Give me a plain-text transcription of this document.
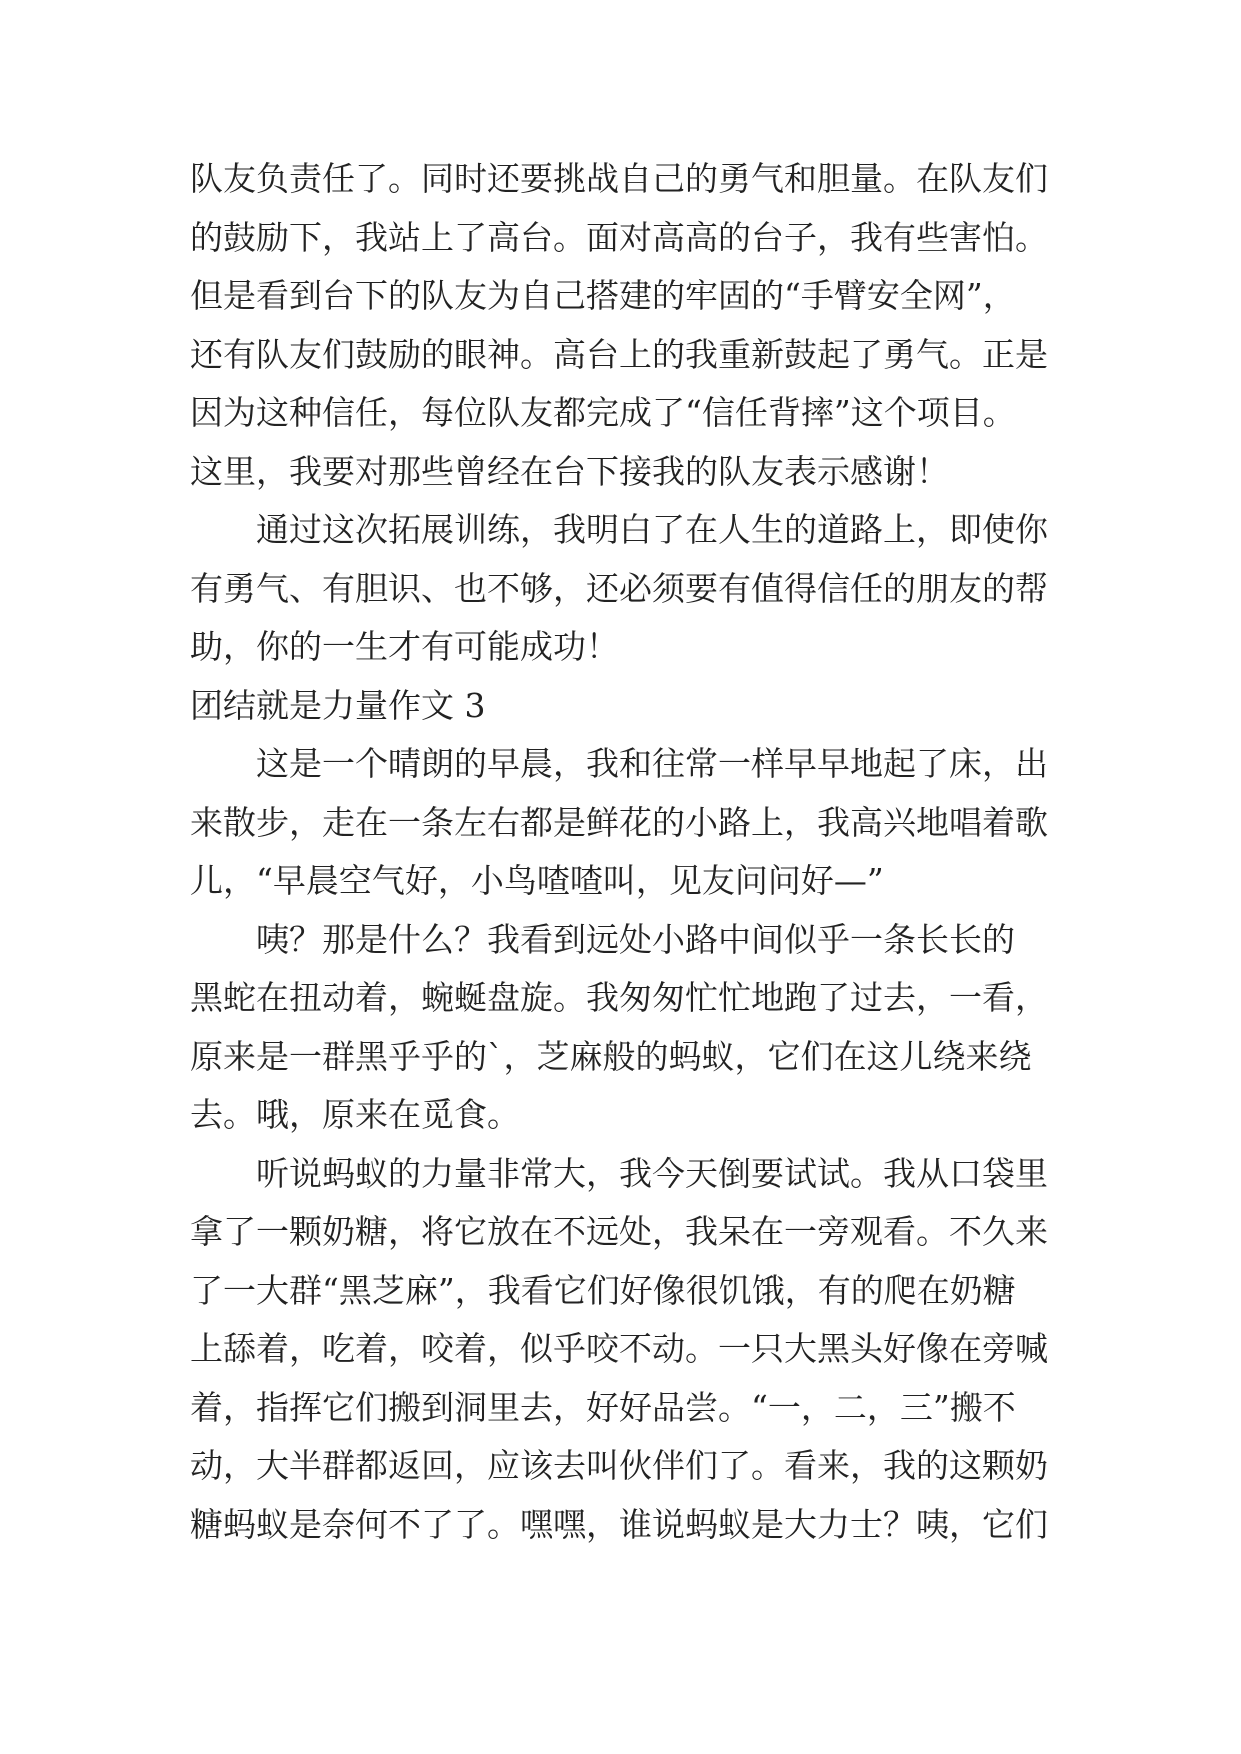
队友负责任了。同时还要挑战自己的勇气和胆量。在队友们
的鼓励下，我站上了高台。面对高高的台子，我有些害怕。
但是看到台下的队友为自己搭建的牢固的“手臂安全网”，
还有队友们鼓励的眼神。高台上的我重新鼓起了勇气。正是
因为这种信任，每位队友都完成了“信任背摔”这个项目。
这里，我要对那些曾经在台下接我的队友表示感谢！
通过这次拓展训练，我明白了在人生的道路上，即使你
有勇气、有胆识、也不够，还必须要有值得信任的朋友的帮
助，你的一生才有可能成功！
团结就是力量作文 3
这是一个晴朗的早晨，我和往常一样早早地起了床，出
来散步，走在一条左右都是鲜花的小路上，我高兴地唱着歌
儿，“早晨空气好，小鸟喳喳叫，见友问问好—”
咦？那是什么？我看到远处小路中间似乎一条长长的
黑蛇在扭动着，蜿蜒盘旋。我匆匆忙忙地跑了过去，一看，
原来是一群黑乎乎的`，芝麻般的蚂蚁，它们在这儿绕来绕
去。哦，原来在觅食。
听说蚂蚁的力量非常大，我今天倒要试试。我从口袋里
拿了一颗奶糖，将它放在不远处，我呆在一旁观看。不久来
了一大群“黑芝麻”，我看它们好像很饥饿，有的爬在奶糖
上舔着，吃着，咬着，似乎咬不动。一只大黑头好像在旁喊
着，指挥它们搬到洞里去，好好品尝。“一，二，三”搬不
动，大半群都返回，应该去叫伙伴们了。看来，我的这颗奶
糖蚂蚁是奈何不了了。嘿嘿，谁说蚂蚁是大力士？咦，它们
